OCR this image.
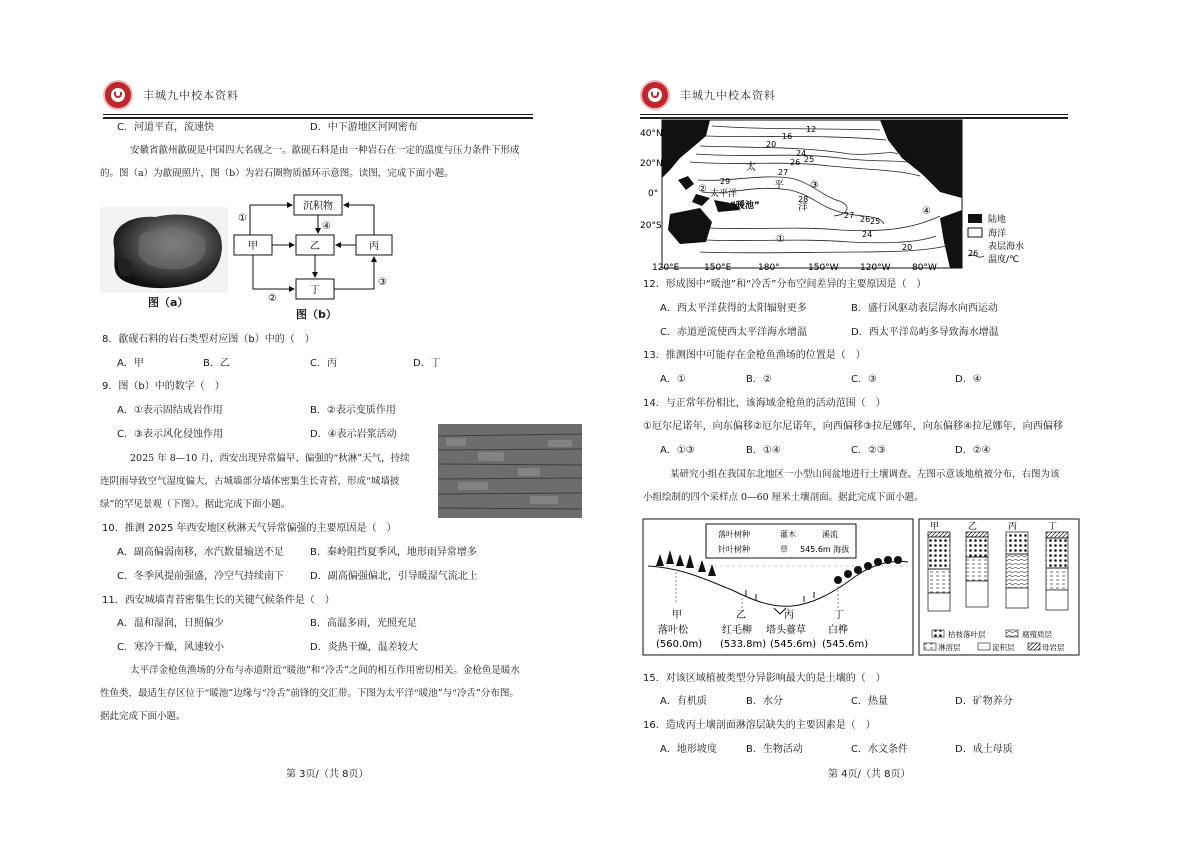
丰城九中校本资料
C．河道平直，流速快	D．中下游地区河网密布
安徽省歙州歙砚是中国四大名砚之一。歙砚石料是由一种岩石在一定的温度与压力条件下形成
的。图（a）为歙砚照片，图（b）为岩石圈物质循环示意图。读图，完成下面小题。
图（a）
沉积物
甲	乙	丙
丁
①
②
③
④
图（b）
8．歙砚石料的岩石类型对应图（b）中的（　）
A．甲	B．乙	C．丙	D．丁
9．图（b）中的数字（　）
A．①表示固结成岩作用	B．②表示变质作用
C．③表示风化侵蚀作用	D．④表示岩浆活动
2025 年 8—10 月，西安出现异常偏早、偏强的“秋淋”天气，持续
连阴雨导致空气湿度偏大，古城墙部分墙体密集生长青苔，形成“城墙披
绿”的罕见景观（下图）。据此完成下面小题。
10．推测 2025 年西安地区秋淋天气异常偏强的主要原因是（　）
A．副高偏弱南移，水汽数量输送不足	B．秦岭阻挡夏季风，地形雨异常增多
C．冬季风提前强盛，冷空气持续南下	D．副高偏强偏北，引导暖湿气流北上
11．西安城墙青苔密集生长的关键气候条件是（　）
A．温和湿润，日照偏少	B．高温多雨，光照充足
C．寒冷干燥，风速较小	D．炎热干燥，温差较大
太平洋金枪鱼渔场的分布与赤道附近“暖池”和“冷舌”之间的相互作用密切相关。金枪鱼是暖水
性鱼类，最适生存区位于“暖池”边缘与“冷舌”前锋的交汇带。下图为太平洋“暖池”与“冷舌”分布图。
据此完成下面小题。
第 3页/（共 8页）
丰城九中校本资料
40°N
20°N
0°
20°S
120°E	150°E	180°	150°W 120°W 80°W
12
16
20
24
26 25
27
28
29
27 26 25
24
20
太
平
洋
太平洋
“暖池”
①
②	③
④
陆地
海洋
表层海水
26
温度/℃
12．形成图中“暖池”和“冷舌”分布空间差异的主要原因是（　）
A．西太平洋获得的太阳辐射更多	B．盛行风驱动表层海水向西运动
C．赤道逆流使西太平洋海水增温	D．西太平洋岛屿多导致海水增温
13．推测图中可能存在金枪鱼渔场的位置是（　）
A．①	B．②	C．③	D．④
14．与正常年份相比，该海域金枪鱼的活动范围（　）
①厄尔尼诺年，向东偏移②厄尔尼诺年，向西偏移③拉尼娜年，向东偏移④拉尼娜年，向西偏移
A．①③	B．①④	C．②③	D．②④
某研究小组在我国东北地区一小型山间盆地进行土壤调查。左图示意该地植被分布，右图为该
小组绘制的四个采样点 0—60 厘米土壤剖面。据此完成下面小题。
落叶树种	灌木	溪流
针叶树种	草 545.6m 海拔
甲
落叶松
(560.0m)
乙
红毛柳
(533.8m)
丙
塔头薹草
(545.6m)
丁
白桦
(545.6m)
甲	乙	丙	丁
枯枝落叶层	腐殖质层
淋溶层	淀积层	母岩层
15．对该区域植被类型分异影响最大的是土壤的（　）
A．有机质	B．水分	C．热量	D．矿物养分
16．造成丙土壤剖面淋溶层缺失的主要因素是（　）
A．地形坡度	B．生物活动	C．水文条件	D．成土母质
第 4页/（共 8页）
